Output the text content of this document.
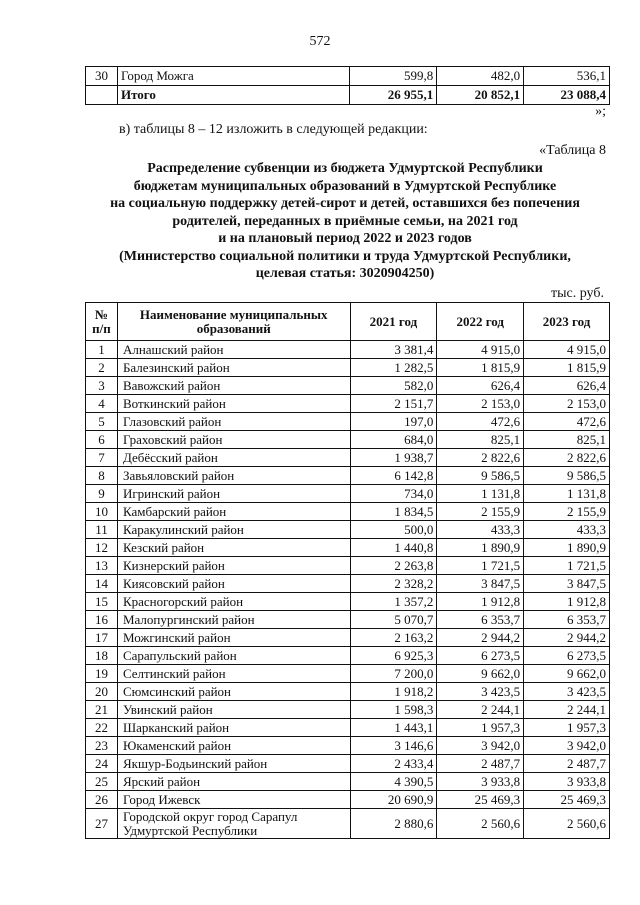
572
30	Город Можга	599,8	482,0	536,1
	Итого	26 955,1	20 852,1	23 088,4
»;
в) таблицы 8 – 12 изложить в следующей редакции:
«Таблица 8
Распределение субвенции из бюджета Удмуртской Республики
бюджетам муниципальных образований в Удмуртской Республике
на социальную поддержку детей-сирот и детей, оставшихся без попечения
родителей, переданных в приёмные семьи, на 2021 год
и на плановый период 2022 и 2023 годов
(Министерство социальной политики и труда Удмуртской Республики,
целевая статья: 3020904250)
тыс. руб.
№ п/п	Наименование муниципальных образований	2021 год	2022 год	2023 год
1	Алнашский район	3 381,4	4 915,0	4 915,0
2	Балезинский район	1 282,5	1 815,9	1 815,9
3	Вавожский район	582,0	626,4	626,4
4	Воткинский район	2 151,7	2 153,0	2 153,0
5	Глазовский район	197,0	472,6	472,6
6	Граховский район	684,0	825,1	825,1
7	Дебёсский район	1 938,7	2 822,6	2 822,6
8	Завьяловский район	6 142,8	9 586,5	9 586,5
9	Игринский район	734,0	1 131,8	1 131,8
10	Камбарский район	1 834,5	2 155,9	2 155,9
11	Каракулинский район	500,0	433,3	433,3
12	Кезский район	1 440,8	1 890,9	1 890,9
13	Кизнерский район	2 263,8	1 721,5	1 721,5
14	Киясовский район	2 328,2	3 847,5	3 847,5
15	Красногорский район	1 357,2	1 912,8	1 912,8
16	Малопургинский район	5 070,7	6 353,7	6 353,7
17	Можгинский район	2 163,2	2 944,2	2 944,2
18	Сарапульский район	6 925,3	6 273,5	6 273,5
19	Селтинский район	7 200,0	9 662,0	9 662,0
20	Сюмсинский район	1 918,2	3 423,5	3 423,5
21	Увинский район	1 598,3	2 244,1	2 244,1
22	Шарканский район	1 443,1	1 957,3	1 957,3
23	Юкаменский район	3 146,6	3 942,0	3 942,0
24	Якшур-Бодьинский район	2 433,4	2 487,7	2 487,7
25	Ярский район	4 390,5	3 933,8	3 933,8
26	Город Ижевск	20 690,9	25 469,3	25 469,3
27	Городской округ город Сарапул Удмуртской Республики	2 880,6	2 560,6	2 560,6
